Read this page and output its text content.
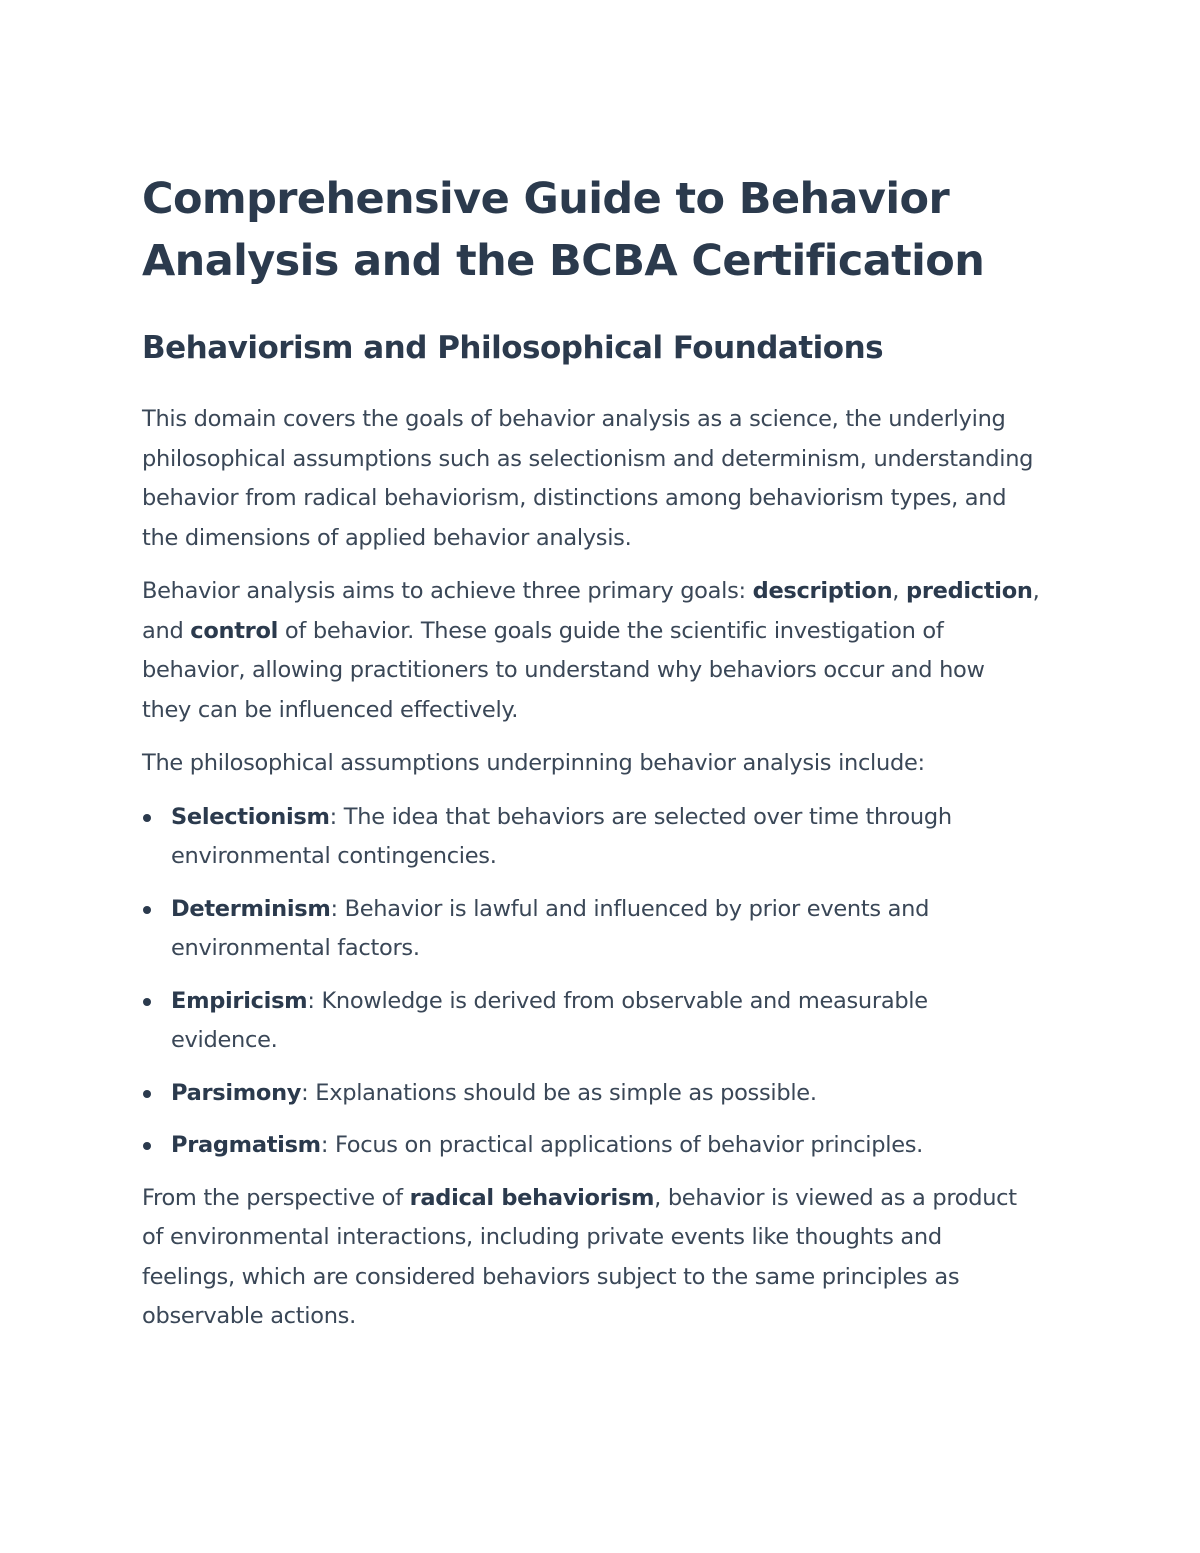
Comprehensive Guide to Behavior
Analysis and the BCBA Certification
Behaviorism and Philosophical Foundations

This domain covers the goals of behavior analysis as a science, the underlying philosophical assumptions such as selectionism and determinism, understanding behavior from radical behaviorism, distinctions among behaviorism types, and the dimensions of applied behavior analysis.

Behavior analysis aims to achieve three primary goals: description, prediction, and control of behavior. These goals guide the scientific investigation of behavior, allowing practitioners to understand why behaviors occur and how they can be influenced effectively.

The philosophical assumptions underpinning behavior analysis include:

Selectionism: The idea that behaviors are selected over time through environmental contingencies.
Determinism: Behavior is lawful and influenced by prior events and environmental factors.
Empiricism: Knowledge is derived from observable and measurable evidence.
Parsimony: Explanations should be as simple as possible.
Pragmatism: Focus on practical applications of behavior principles.

From the perspective of radical behaviorism, behavior is viewed as a product of environmental interactions, including private events like thoughts and feelings, which are considered behaviors subject to the same principles as observable actions.
